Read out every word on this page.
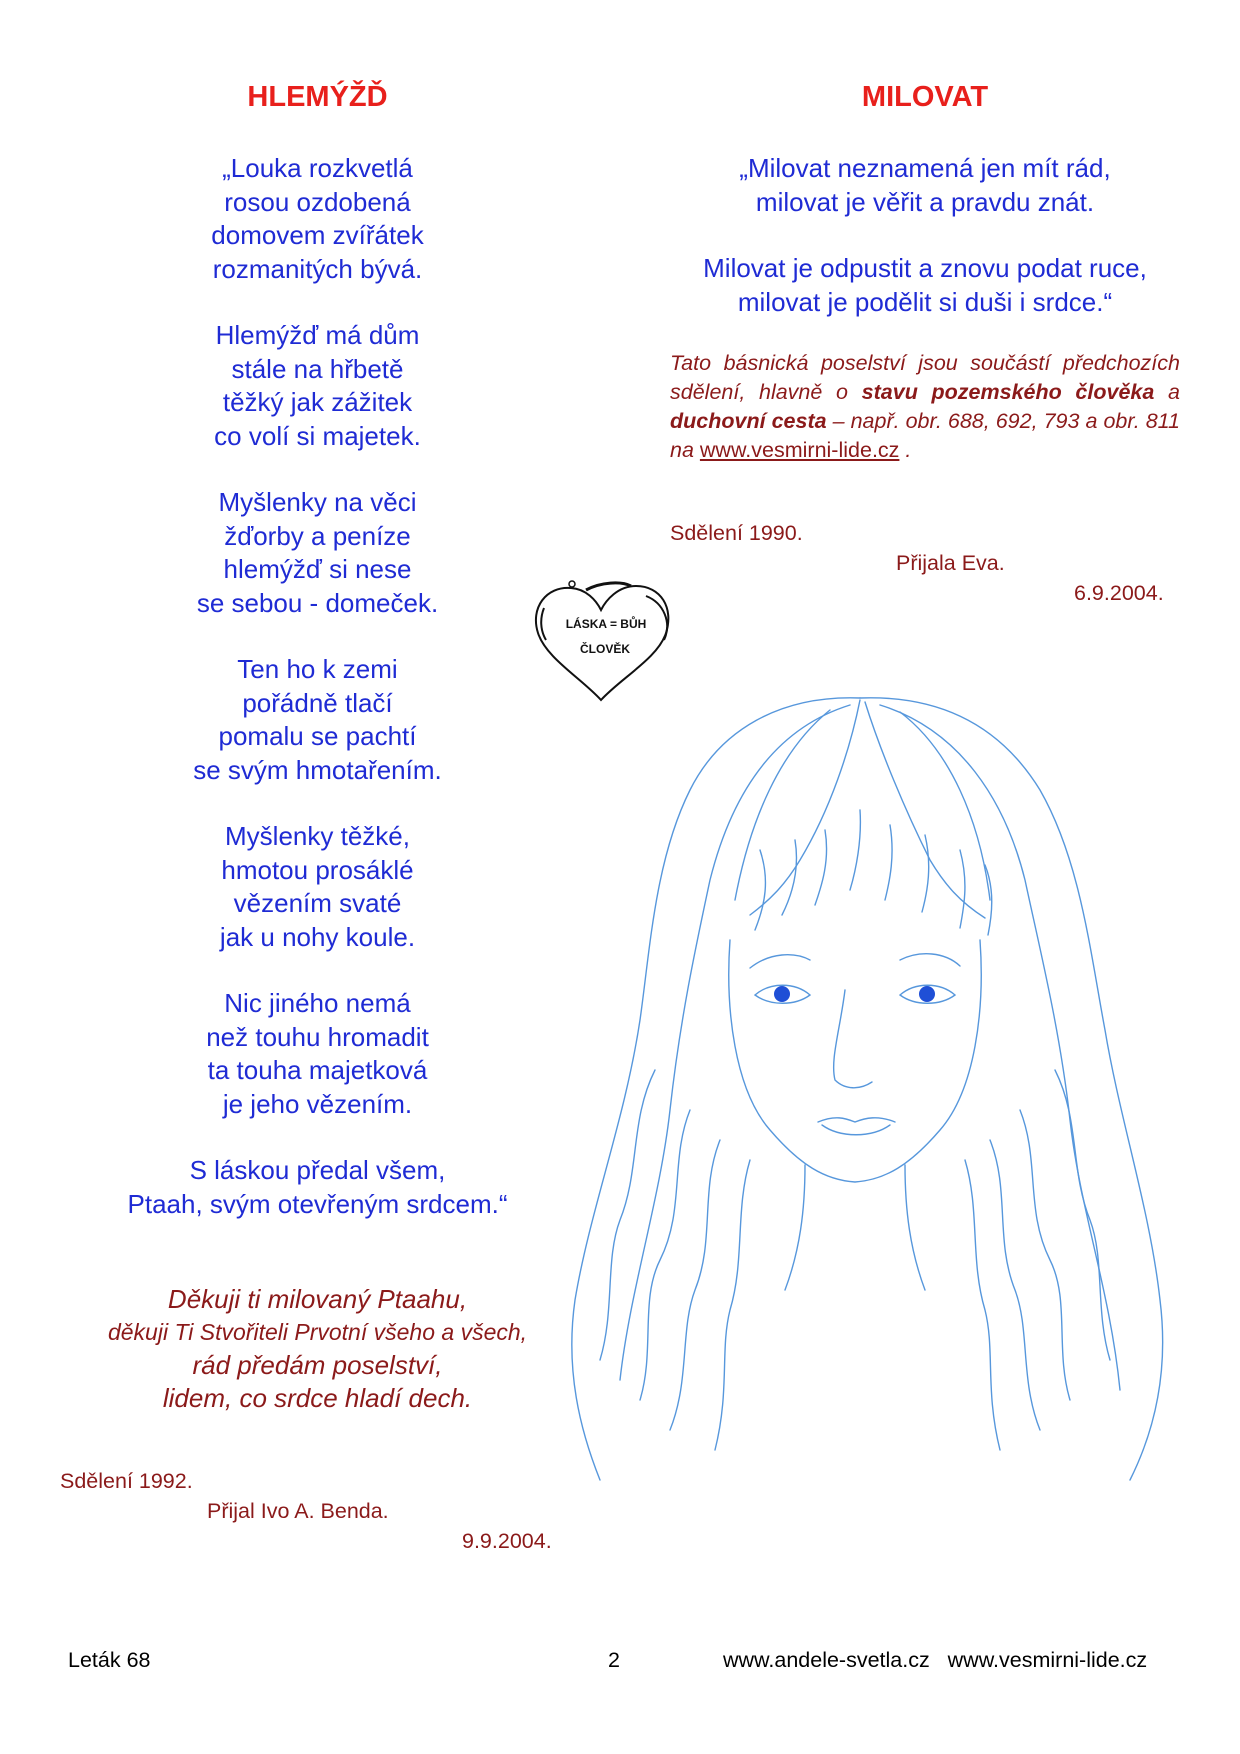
HLEMÝŽĎ
„Louka rozkvetlá
rosou ozdobená
domovem zvířátek
rozmanitých bývá.
Hlemýžď má dům
stále na hřbetě
těžký jak zážitek
co volí si majetek.
Myšlenky na věci
žďorby a peníze
hlemýžď si nese
se sebou - domeček.
Ten ho k zemi
pořádně tlačí
pomalu se pachtí
se svým hmotařením.
Myšlenky těžké,
hmotou prosáklé
vězením svaté
jak u nohy koule.
Nic jiného nemá
než touhu hromadit
ta touha majetková
je jeho vězením.
S láskou předal všem,
Ptaah, svým otevřeným srdcem.“
Děkuji ti milovaný Ptaahu,
děkuji Ti Stvořiteli Prvotní všeho a všech,
rád předám poselství,
lidem, co srdce hladí dech.
Sdělení 1992.
Přijal Ivo A. Benda.
9.9.2004.
MILOVAT
„Milovat neznamená jen mít rád,
milovat je věřit a pravdu znát.
Milovat je odpustit a znovu podat ruce,
milovat je podělit si duši i srdce.“
Tato básnická poselství jsou součástí předchozích sdělení, hlavně o stavu pozemského člověka a duchovní cesta – např. obr. 688, 692, 793 a obr. 811 na www.vesmirni-lide.cz .
Sdělení 1990.
Přijala Eva.
6.9.2004.
LÁSKA = BŮH
ČLOVĚK
Leták 68	2	www.andele-svetla.cz   www.vesmirni-lide.cz
